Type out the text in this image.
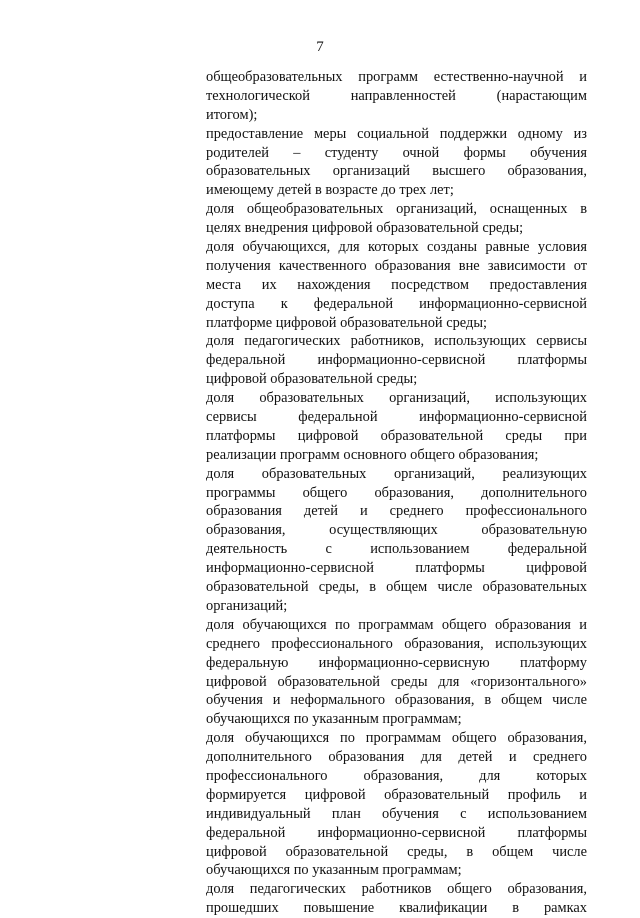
7
общеобразовательных программ естественно-научной и
технологической направленностей (нарастающим
итогом);
предоставление меры социальной поддержки одному из
родителей – студенту очной формы обучения
образовательных организаций высшего образования,
имеющему детей в возрасте до трех лет;
доля общеобразовательных организаций, оснащенных в
целях внедрения цифровой образовательной среды;
доля обучающихся, для которых созданы равные условия
получения качественного образования вне зависимости от
места их нахождения посредством предоставления
доступа к федеральной информационно-сервисной
платформе цифровой образовательной среды;
доля педагогических работников, использующих сервисы
федеральной информационно-сервисной платформы
цифровой образовательной среды;
доля образовательных организаций, использующих
сервисы федеральной информационно-сервисной
платформы цифровой образовательной среды при
реализации программ основного общего образования;
доля образовательных организаций, реализующих
программы общего образования, дополнительного
образования детей и среднего профессионального
образования, осуществляющих образовательную
деятельность с использованием федеральной
информационно-сервисной платформы цифровой
образовательной среды, в общем числе образовательных
организаций;
доля обучающихся по программам общего образования и
среднего профессионального образования, использующих
федеральную информационно-сервисную платформу
цифровой образовательной среды для «горизонтального»
обучения и неформального образования, в общем числе
обучающихся по указанным программам;
доля обучающихся по программам общего образования,
дополнительного образования для детей и среднего
профессионального образования, для которых
формируется цифровой образовательный профиль и
индивидуальный план обучения с использованием
федеральной информационно-сервисной платформы
цифровой образовательной среды, в общем числе
обучающихся по указанным программам;
доля педагогических работников общего образования,
прошедших повышение квалификации в рамках
